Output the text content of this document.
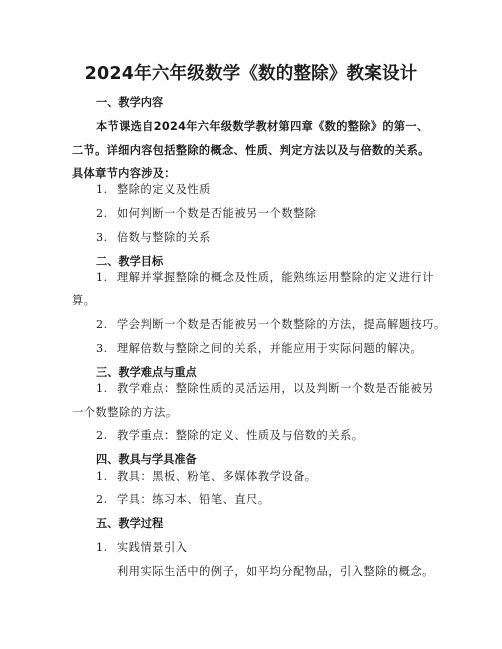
2024年六年级数学《数的整除》教案设计
一、教学内容
本节课选自2024年六年级数学教材第四章《数的整除》的第一、
二节。详细内容包括整除的概念、性质、判定方法以及与倍数的关系。
具体章节内容涉及：
1. 整除的定义及性质
2. 如何判断一个数是否能被另一个数整除
3. 倍数与整除的关系
二、教学目标
1. 理解并掌握整除的概念及性质，能熟练运用整除的定义进行计
算。
2. 学会判断一个数是否能被另一个数整除的方法，提高解题技巧。
3. 理解倍数与整除之间的关系，并能应用于实际问题的解决。
三、教学难点与重点
1. 教学难点：整除性质的灵活运用，以及判断一个数是否能被另
一个数整除的方法。
2. 教学重点：整除的定义、性质及与倍数的关系。
四、教具与学具准备
1. 教具：黑板、粉笔、多媒体教学设备。
2. 学具：练习本、铅笔、直尺。
五、教学过程
1. 实践情景引入
利用实际生活中的例子，如平均分配物品，引入整除的概念。
